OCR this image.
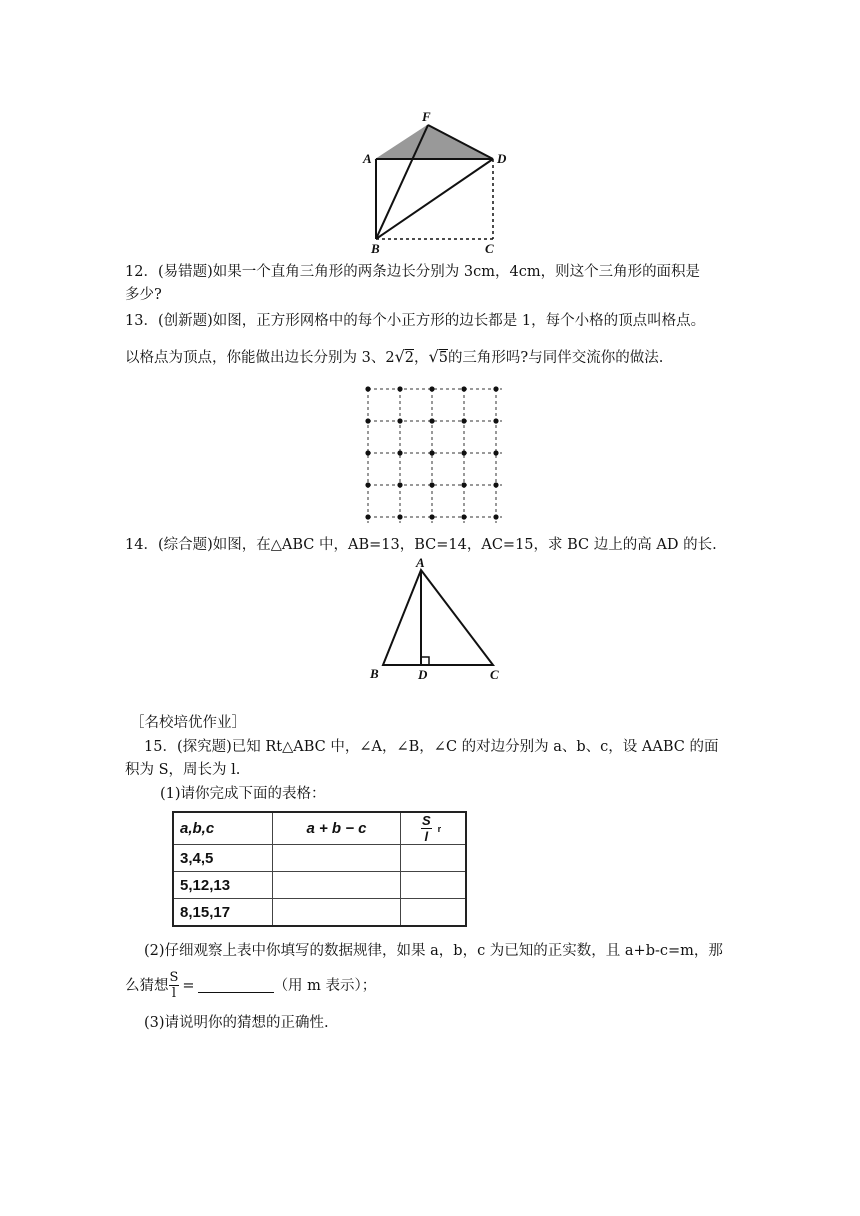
F
A	D
B	C
12．(易错题)如果一个直角三角形的两条边长分别为 3cm，4cm，则这个三角形的面积是
多少?
13．(创新题)如图，正方形网格中的每个小正方形的边长都是 1，每个小格的顶点叫格点。
以格点为顶点，你能做出边长分别为 3、2√2，√5的三角形吗?与同伴交流你的做法.
14．(综合题)如图，在△ABC 中，AB=13，BC=14，AC=15，求 BC 边上的高 AD 的长.
A
B	D	C
［名校培优作业］
15．(探究题)已知 Rt△ABC 中，∠A，∠B，∠C 的对边分别为 a、b、c，设 AABC 的面
积为 S，周长为 l.
(1)请你完成下面的表格：
a,b,c	a + b − c	$\frac{S}{l}$ r
3,4,5		
5,12,13		
8,15,17		
(2)仔细观察上表中你填写的数据规律，如果 a，b，c 为已知的正实数，且 a+b-c=m，那
么猜想 $\frac{S}{l}$ =	（用 m 表示）；
(3)请说明你的猜想的正确性.
